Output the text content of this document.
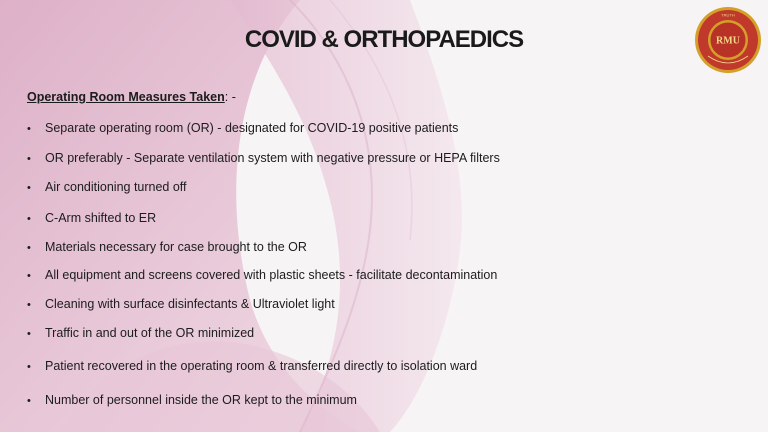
COVID & ORTHOPAEDICS
TRUTH
RMU
Operating Room Measures Taken: -
• Separate operating room (OR) - designated for COVID-19 positive patients
• OR preferably - Separate ventilation system with negative pressure or HEPA filters
• Air conditioning turned off
• C-Arm shifted to ER
• Materials necessary for case brought to the OR
• All equipment and screens covered with plastic sheets - facilitate decontamination
• Cleaning with surface disinfectants & Ultraviolet light
• Traffic in and out of the OR minimized
• Patient recovered in the operating room & transferred directly to isolation ward
• Number of personnel inside the OR kept to the minimum
